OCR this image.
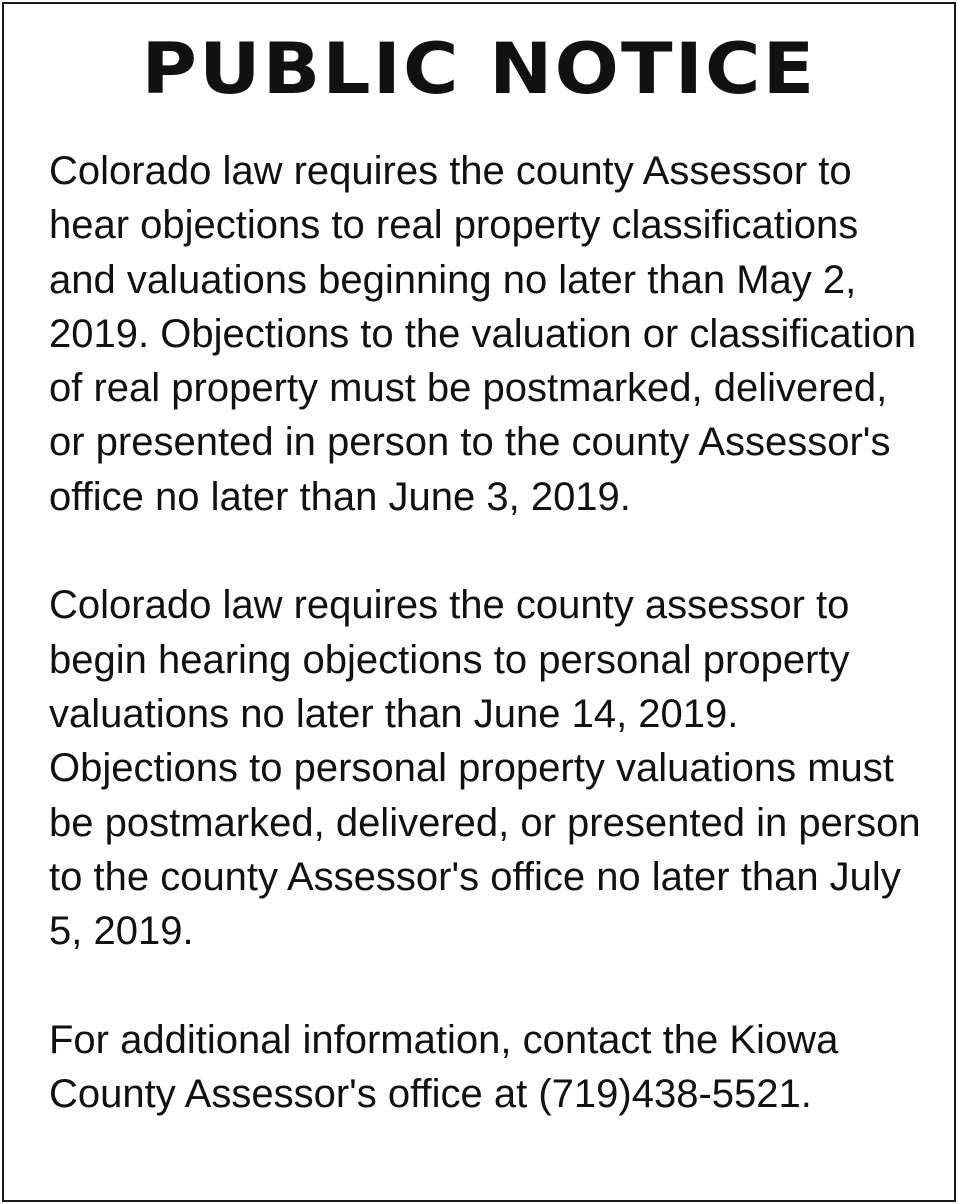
PUBLIC NOTICE

Colorado law requires the county Assessor to
hear objections to real property classifications
and valuations beginning no later than May 2,
2019. Objections to the valuation or classification
of real property must be postmarked, delivered,
or presented in person to the county Assessor's
office no later than June 3, 2019.

Colorado law requires the county assessor to
begin hearing objections to personal property
valuations no later than June 14, 2019.
Objections to personal property valuations must
be postmarked, delivered, or presented in person
to the county Assessor's office no later than July
5, 2019.

For additional information, contact the Kiowa
County Assessor's office at (719)438-5521.
